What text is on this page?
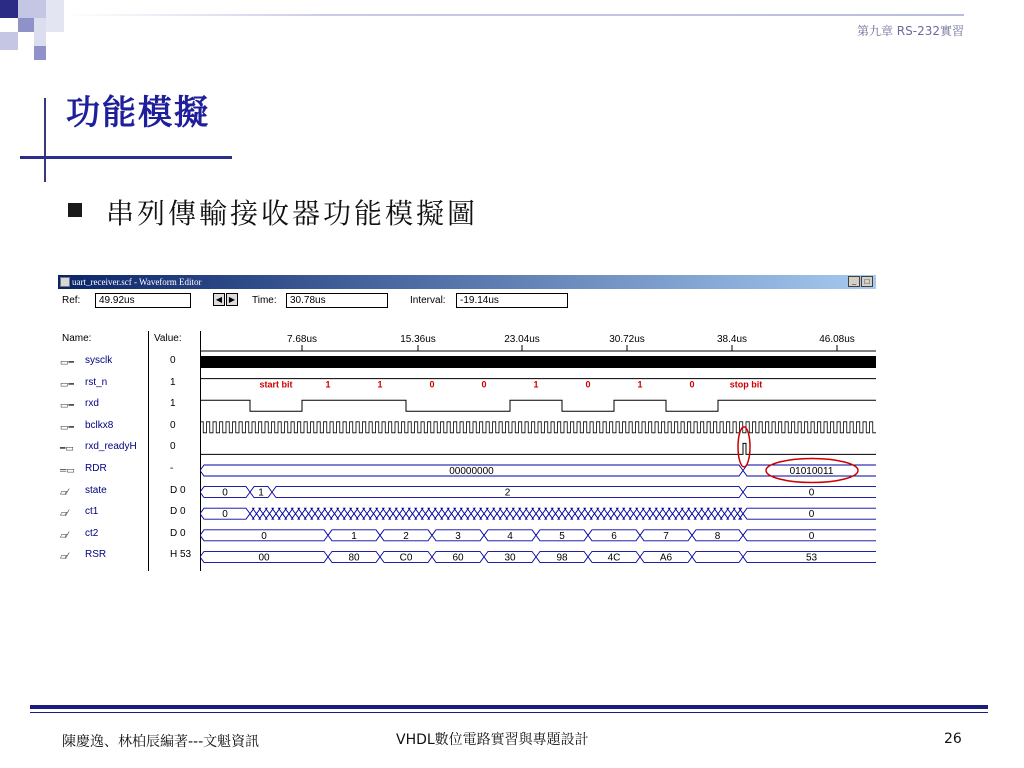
第九章 RS-232實習
功能模擬
串列傳輸接收器功能模擬圖
uart_receiver.scf - Waveform Editor	_	□
Ref:	49.92us	◀ ▶ Time:	30.78us	Interval:	-19.14us
Name:	Value:
▭━ sysclk	0
▭━ rst_n	1
▭━ rxd	1
▭━ bclkx8	0
━▭ rxd_readyH	0
═▭ RDR	-
▱⁄ state	D 0
▱⁄ ct1	D 0
▱⁄ ct2	D 0
▱⁄ RSR	H 53
7.68us	15.36us	23.04us	30.72us	38.4us	46.08us
start bit	1	1	0	0	1	0	1	0	stop bit
00000000	01010011
0	1	2	0
0	0
0	1	2	3	4	5	6	7	8	0
00	80	C0	60	30	98	4C	A6	53
陳慶逸、林柏辰編著---文魁資訊	VHDL數位電路實習與專題設計	26
